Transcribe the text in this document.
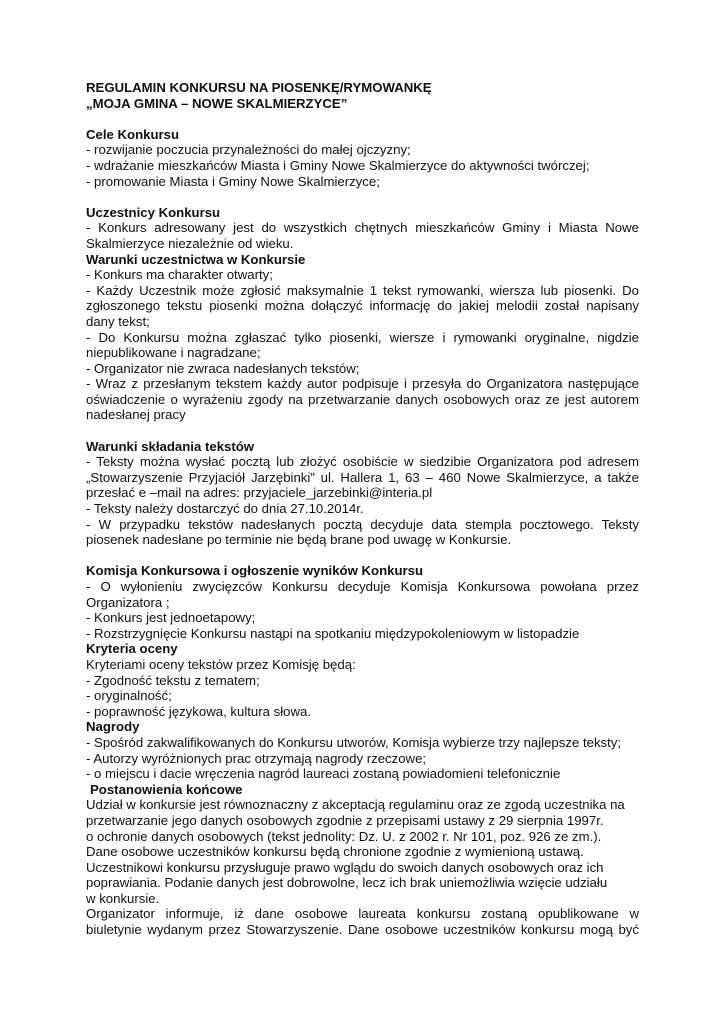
REGULAMIN KONKURSU NA PIOSENKĘ/RYMOWANKĘ

„MOJA GMINA – NOWE SKALMIERZYCE”

Cele Konkursu

- rozwijanie poczucia przynależności do małej ojczyzny;

- wdrażanie mieszkańców Miasta i Gminy Nowe Skalmierzyce do aktywności twórczej;

- promowanie Miasta i Gminy Nowe Skalmierzyce;

Uczestnicy Konkursu

- Konkurs adresowany jest do wszystkich chętnych mieszkańców Gminy i Miasta Nowe

Skalmierzyce niezależnie od wieku.

Warunki uczestnictwa w Konkursie

- Konkurs ma charakter otwarty;

- Każdy Uczestnik może zgłosić maksymalnie 1 tekst rymowanki, wiersza lub piosenki. Do

zgłoszonego tekstu piosenki można dołączyć informację do jakiej melodii został napisany

dany tekst;

- Do Konkursu można zgłaszać tylko piosenki, wiersze i rymowanki oryginalne, nigdzie

niepublikowane i nagradzane;

- Organizator nie zwraca nadesłanych tekstów;

- Wraz z przesłanym tekstem każdy autor podpisuje i przesyła do Organizatora następujące

oświadczenie o wyrażeniu zgody na przetwarzanie danych osobowych oraz ze jest autorem

nadesłanej pracy

Warunki składania tekstów

- Teksty można wysłać pocztą lub złożyć osobiście w siedzibie Organizatora pod adresem

„Stowarzyszenie Przyjaciół Jarzębinki” ul. Hallera 1, 63 – 460 Nowe Skalmierzyce, a także

przesłać e –mail na adres: przyjaciele_jarzebinki@interia.pl

- Teksty należy dostarczyć do dnia 27.10.2014r.

- W przypadku tekstów nadesłanych pocztą decyduje data stempla pocztowego. Teksty

piosenek nadesłane po terminie nie będą brane pod uwagę w Konkursie.

Komisja Konkursowa i ogłoszenie wyników Konkursu

- O wyłonieniu zwycięzców Konkursu decyduje Komisja Konkursowa powołana przez

Organizatora ;

- Konkurs jest jednoetapowy;

- Rozstrzygnięcie Konkursu nastąpi na spotkaniu międzypokoleniowym w listopadzie

Kryteria oceny

Kryteriami oceny tekstów przez Komisję będą:

- Zgodność tekstu z tematem;

- oryginalność;

- poprawność językowa, kultura słowa.

Nagrody

- Spośród zakwalifikowanych do Konkursu utworów, Komisja wybierze trzy najlepsze teksty;

- Autorzy wyróżnionych prac otrzymają nagrody rzeczowe;

- o miejscu i dacie wręczenia nagród laureaci zostaną powiadomieni telefonicznie

Postanowienia końcowe

Udział w konkursie jest równoznaczny z akceptacją regulaminu oraz ze zgodą uczestnika na

przetwarzanie jego danych osobowych zgodnie z przepisami ustawy z 29 sierpnia 1997r.

o ochronie danych osobowych (tekst jednolity: Dz. U. z 2002 r. Nr 101, poz. 926 ze zm.).

Dane osobowe uczestników konkursu będą chronione zgodnie z wymienioną ustawą.

Uczestnikowi konkursu przysługuje prawo wglądu do swoich danych osobowych oraz ich

poprawiania. Podanie danych jest dobrowolne, lecz ich brak uniemożliwia wzięcie udziału

w konkursie.

Organizator informuje, iż dane osobowe laureata konkursu zostaną opublikowane w

biuletynie wydanym przez Stowarzyszenie. Dane osobowe uczestników konkursu mogą być
